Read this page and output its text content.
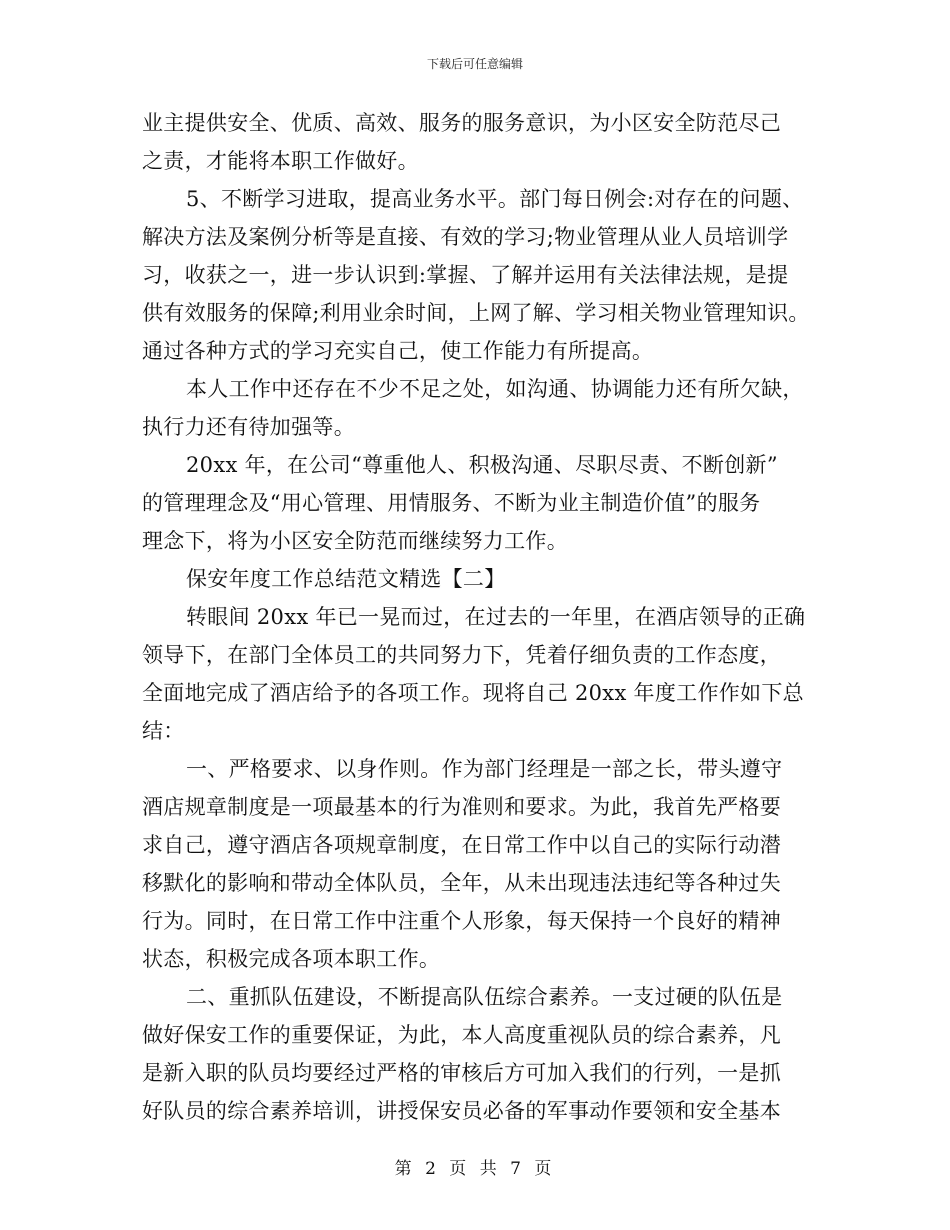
下载后可任意编辑
业主提供安全、优质、高效、服务的服务意识，为小区安全防范尽己
之责，才能将本职工作做好。
5、不断学习进取，提高业务水平。部门每日例会:对存在的问题、
解决方法及案例分析等是直接、有效的学习;物业管理从业人员培训学
习，收获之一，进一步认识到:掌握、了解并运用有关法律法规，是提
供有效服务的保障;利用业余时间，上网了解、学习相关物业管理知识。
通过各种方式的学习充实自己，使工作能力有所提高。
本人工作中还存在不少不足之处，如沟通、协调能力还有所欠缺，
执行力还有待加强等。
20xx 年，在公司“尊重他人、积极沟通、尽职尽责、不断创新”
的管理理念及“用心管理、用情服务、不断为业主制造价值”的服务
理念下，将为小区安全防范而继续努力工作。
保安年度工作总结范文精选【二】
转眼间 20xx 年已一晃而过，在过去的一年里，在酒店领导的正确
领导下，在部门全体员工的共同努力下，凭着仔细负责的工作态度，
全面地完成了酒店给予的各项工作。现将自己 20xx 年度工作作如下总
结：
一、严格要求、以身作则。作为部门经理是一部之长，带头遵守
酒店规章制度是一项最基本的行为准则和要求。为此，我首先严格要
求自己，遵守酒店各项规章制度，在日常工作中以自己的实际行动潜
移默化的影响和带动全体队员，全年，从未出现违法违纪等各种过失
行为。同时，在日常工作中注重个人形象，每天保持一个良好的精神
状态，积极完成各项本职工作。
二、重抓队伍建设，不断提高队伍综合素养。一支过硬的队伍是
做好保安工作的重要保证，为此，本人高度重视队员的综合素养，凡
是新入职的队员均要经过严格的审核后方可加入我们的行列，一是抓
好队员的综合素养培训，讲授保安员必备的军事动作要领和安全基本
第 2 页 共 7 页
